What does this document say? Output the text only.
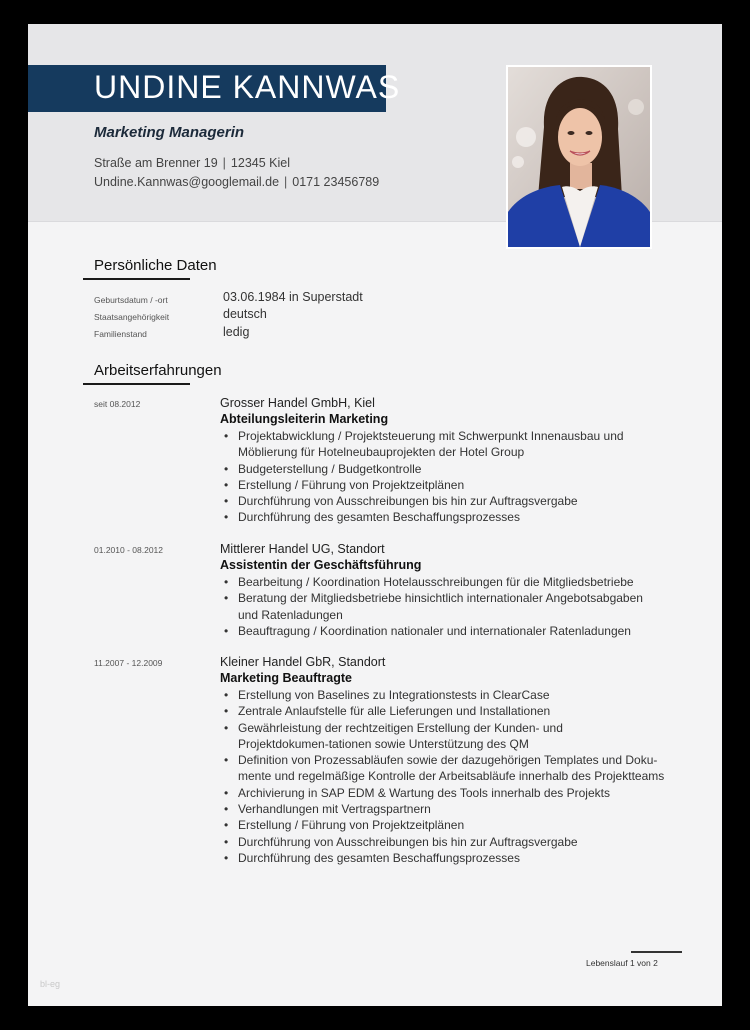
UNDINE KANNWAS
Marketing Managerin
Straße am Brenner 19 | 12345 Kiel
Undine.Kannwas@googlemail.de | 0171 23456789
Persönliche Daten
Geburtsdatum / -ort	03.06.1984 in Superstadt
Staatsangehörigkeit	deutsch
Familienstand	ledig
Arbeitserfahrungen
seit 08.2012	Grosser Handel GmbH, Kiel
Abteilungsleiterin Marketing
• Projektabwicklung / Projektsteuerung mit Schwerpunkt Innenausbau und Möblierung für Hotelneubauprojekten der Hotel Group
• Budgeterstellung / Budgetkontrolle
• Erstellung / Führung von Projektzeitplänen
• Durchführung von Ausschreibungen bis hin zur Auftragsvergabe
• Durchführung des gesamten Beschaffungsprozesses
01.2010 - 08.2012	Mittlerer Handel UG, Standort
Assistentin der Geschäftsführung
• Bearbeitung / Koordination Hotelausschreibungen für die Mitgliedsbetriebe
• Beratung der Mitgliedsbetriebe hinsichtlich internationaler Angebotsabgaben und Ratenladungen
• Beauftragung / Koordination nationaler und internationaler Ratenladungen
11.2007 - 12.2009	Kleiner Handel GbR, Standort
Marketing Beauftragte
• Erstellung von Baselines zu Integrationstests in ClearCase
• Zentrale Anlaufstelle für alle Lieferungen und Installationen
• Gewährleistung der rechtzeitigen Erstellung der Kunden- und Projektdokumen-tationen sowie Unterstützung des QM
• Definition von Prozessabläufen sowie der dazugehörigen Templates und Doku-mente und regelmäßige Kontrolle der Arbeitsabläufe innerhalb des Projektteams
• Archivierung in SAP EDM & Wartung des Tools innerhalb des Projekts
• Verhandlungen mit Vertragspartnern
• Erstellung / Führung von Projektzeitplänen
• Durchführung von Ausschreibungen bis hin zur Auftragsvergabe
• Durchführung des gesamten Beschaffungsprozesses
Lebenslauf 1 von 2
bl-eg
